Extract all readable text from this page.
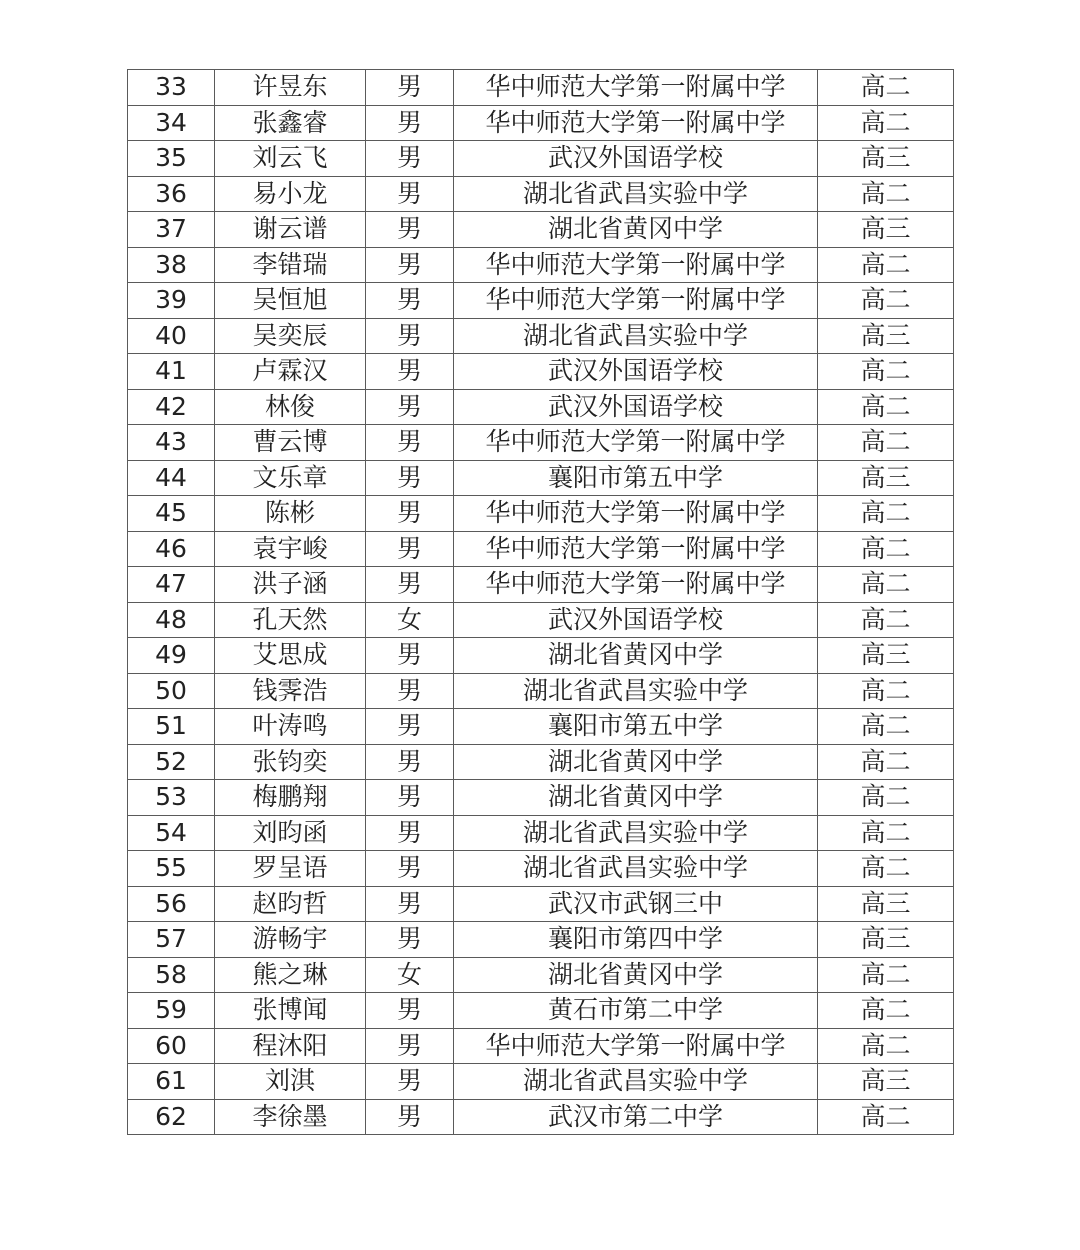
33	许昱东	男	华中师范大学第一附属中学	高二
34	张鑫睿	男	华中师范大学第一附属中学	高二
35	刘云飞	男	武汉外国语学校	高三
36	易小龙	男	湖北省武昌实验中学	高二
37	谢云谱	男	湖北省黄冈中学	高三
38	李错瑞	男	华中师范大学第一附属中学	高二
39	吴恒旭	男	华中师范大学第一附属中学	高二
40	吴奕辰	男	湖北省武昌实验中学	高三
41	卢霖汉	男	武汉外国语学校	高二
42	林俊	男	武汉外国语学校	高二
43	曹云博	男	华中师范大学第一附属中学	高二
44	文乐章	男	襄阳市第五中学	高三
45	陈彬	男	华中师范大学第一附属中学	高二
46	袁宇峻	男	华中师范大学第一附属中学	高二
47	洪子涵	男	华中师范大学第一附属中学	高二
48	孔天然	女	武汉外国语学校	高二
49	艾思成	男	湖北省黄冈中学	高三
50	钱霁浩	男	湖北省武昌实验中学	高二
51	叶涛鸣	男	襄阳市第五中学	高二
52	张钧奕	男	湖北省黄冈中学	高二
53	梅鹏翔	男	湖北省黄冈中学	高二
54	刘昀函	男	湖北省武昌实验中学	高二
55	罗呈语	男	湖北省武昌实验中学	高二
56	赵昀哲	男	武汉市武钢三中	高三
57	游畅宇	男	襄阳市第四中学	高三
58	熊之琳	女	湖北省黄冈中学	高二
59	张博闻	男	黄石市第二中学	高二
60	程沐阳	男	华中师范大学第一附属中学	高二
61	刘淇	男	湖北省武昌实验中学	高三
62	李徐墨	男	武汉市第二中学	高二
